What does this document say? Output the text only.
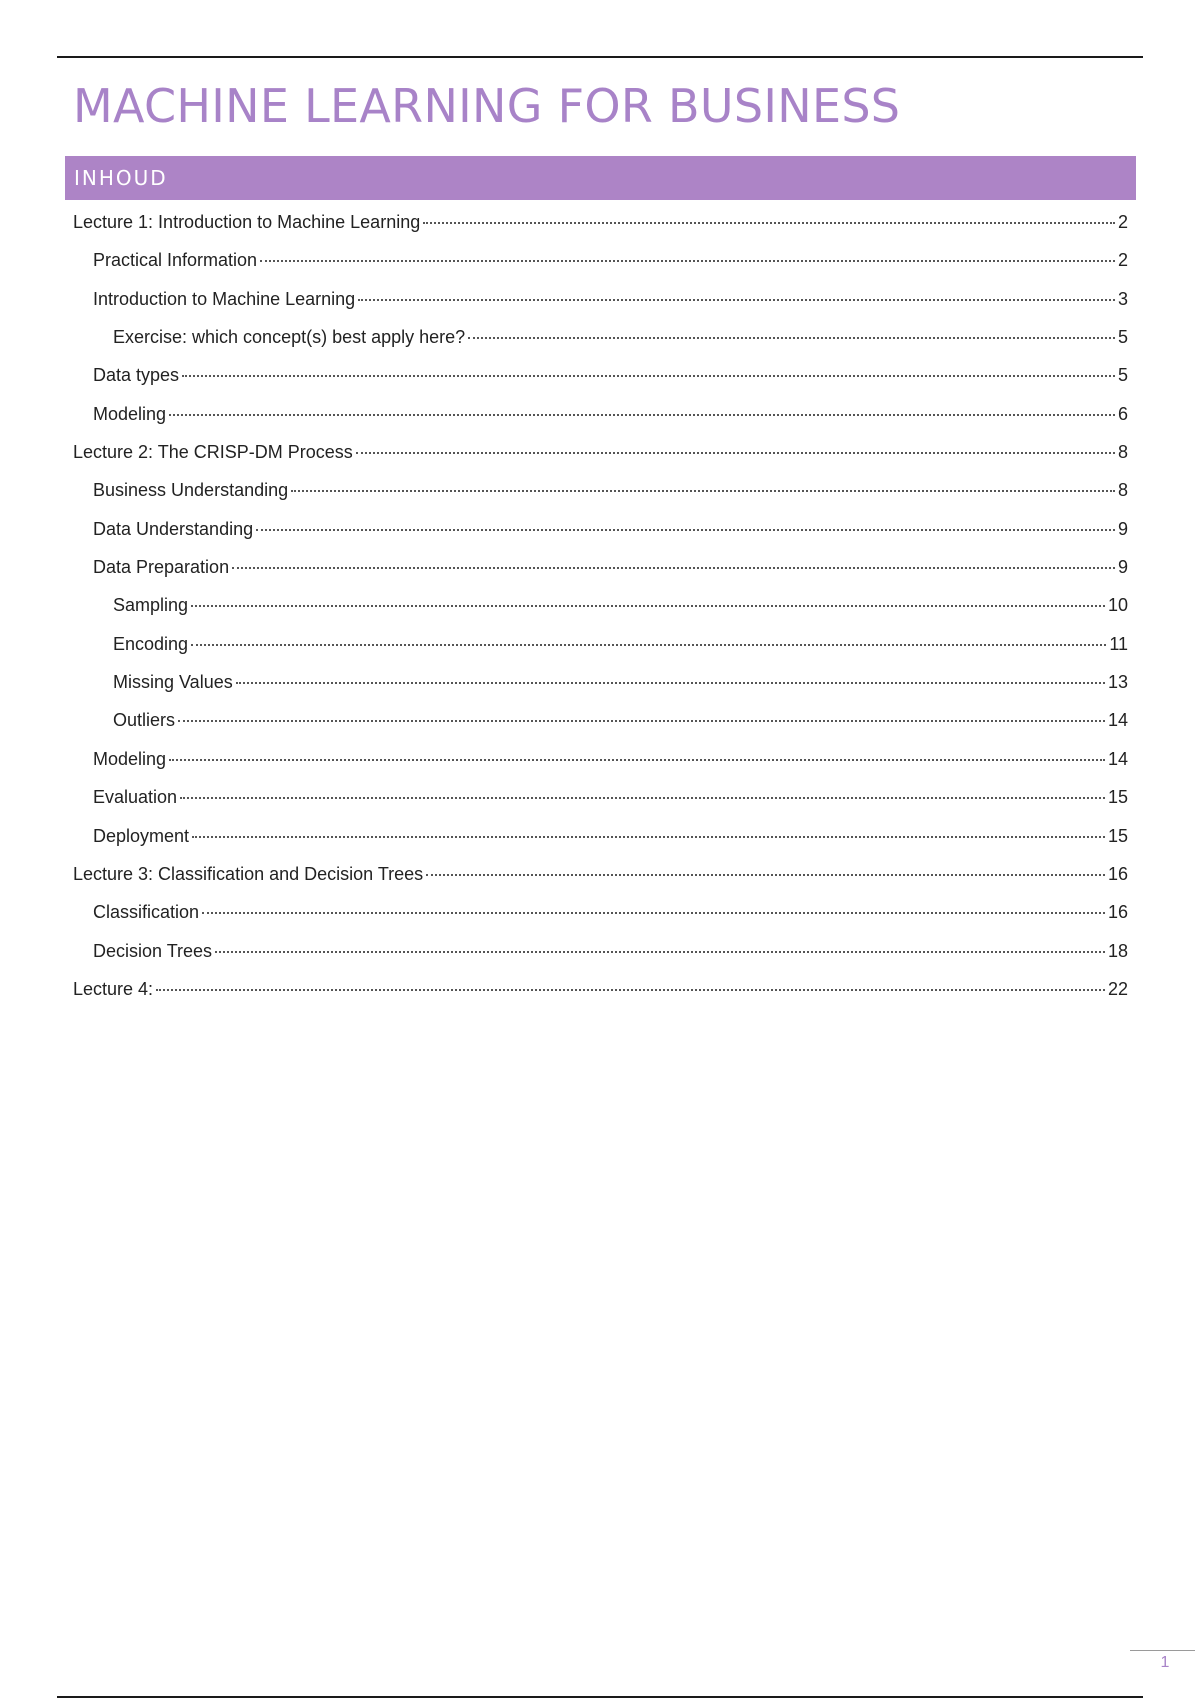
MACHINE LEARNING FOR BUSINESS
INHOUD
Lecture 1: Introduction to Machine Learning	2
Practical Information	2
Introduction to Machine Learning	3
Exercise: which concept(s) best apply here?	5
Data types	5
Modeling	6
Lecture 2: The CRISP-DM Process	8
Business Understanding	8
Data Understanding	9
Data Preparation	9
Sampling	10
Encoding	11
Missing Values	13
Outliers	14
Modeling	14
Evaluation	15
Deployment	15
Lecture 3: Classification and Decision Trees	16
Classification	16
Decision Trees	18
Lecture 4:	22
1
